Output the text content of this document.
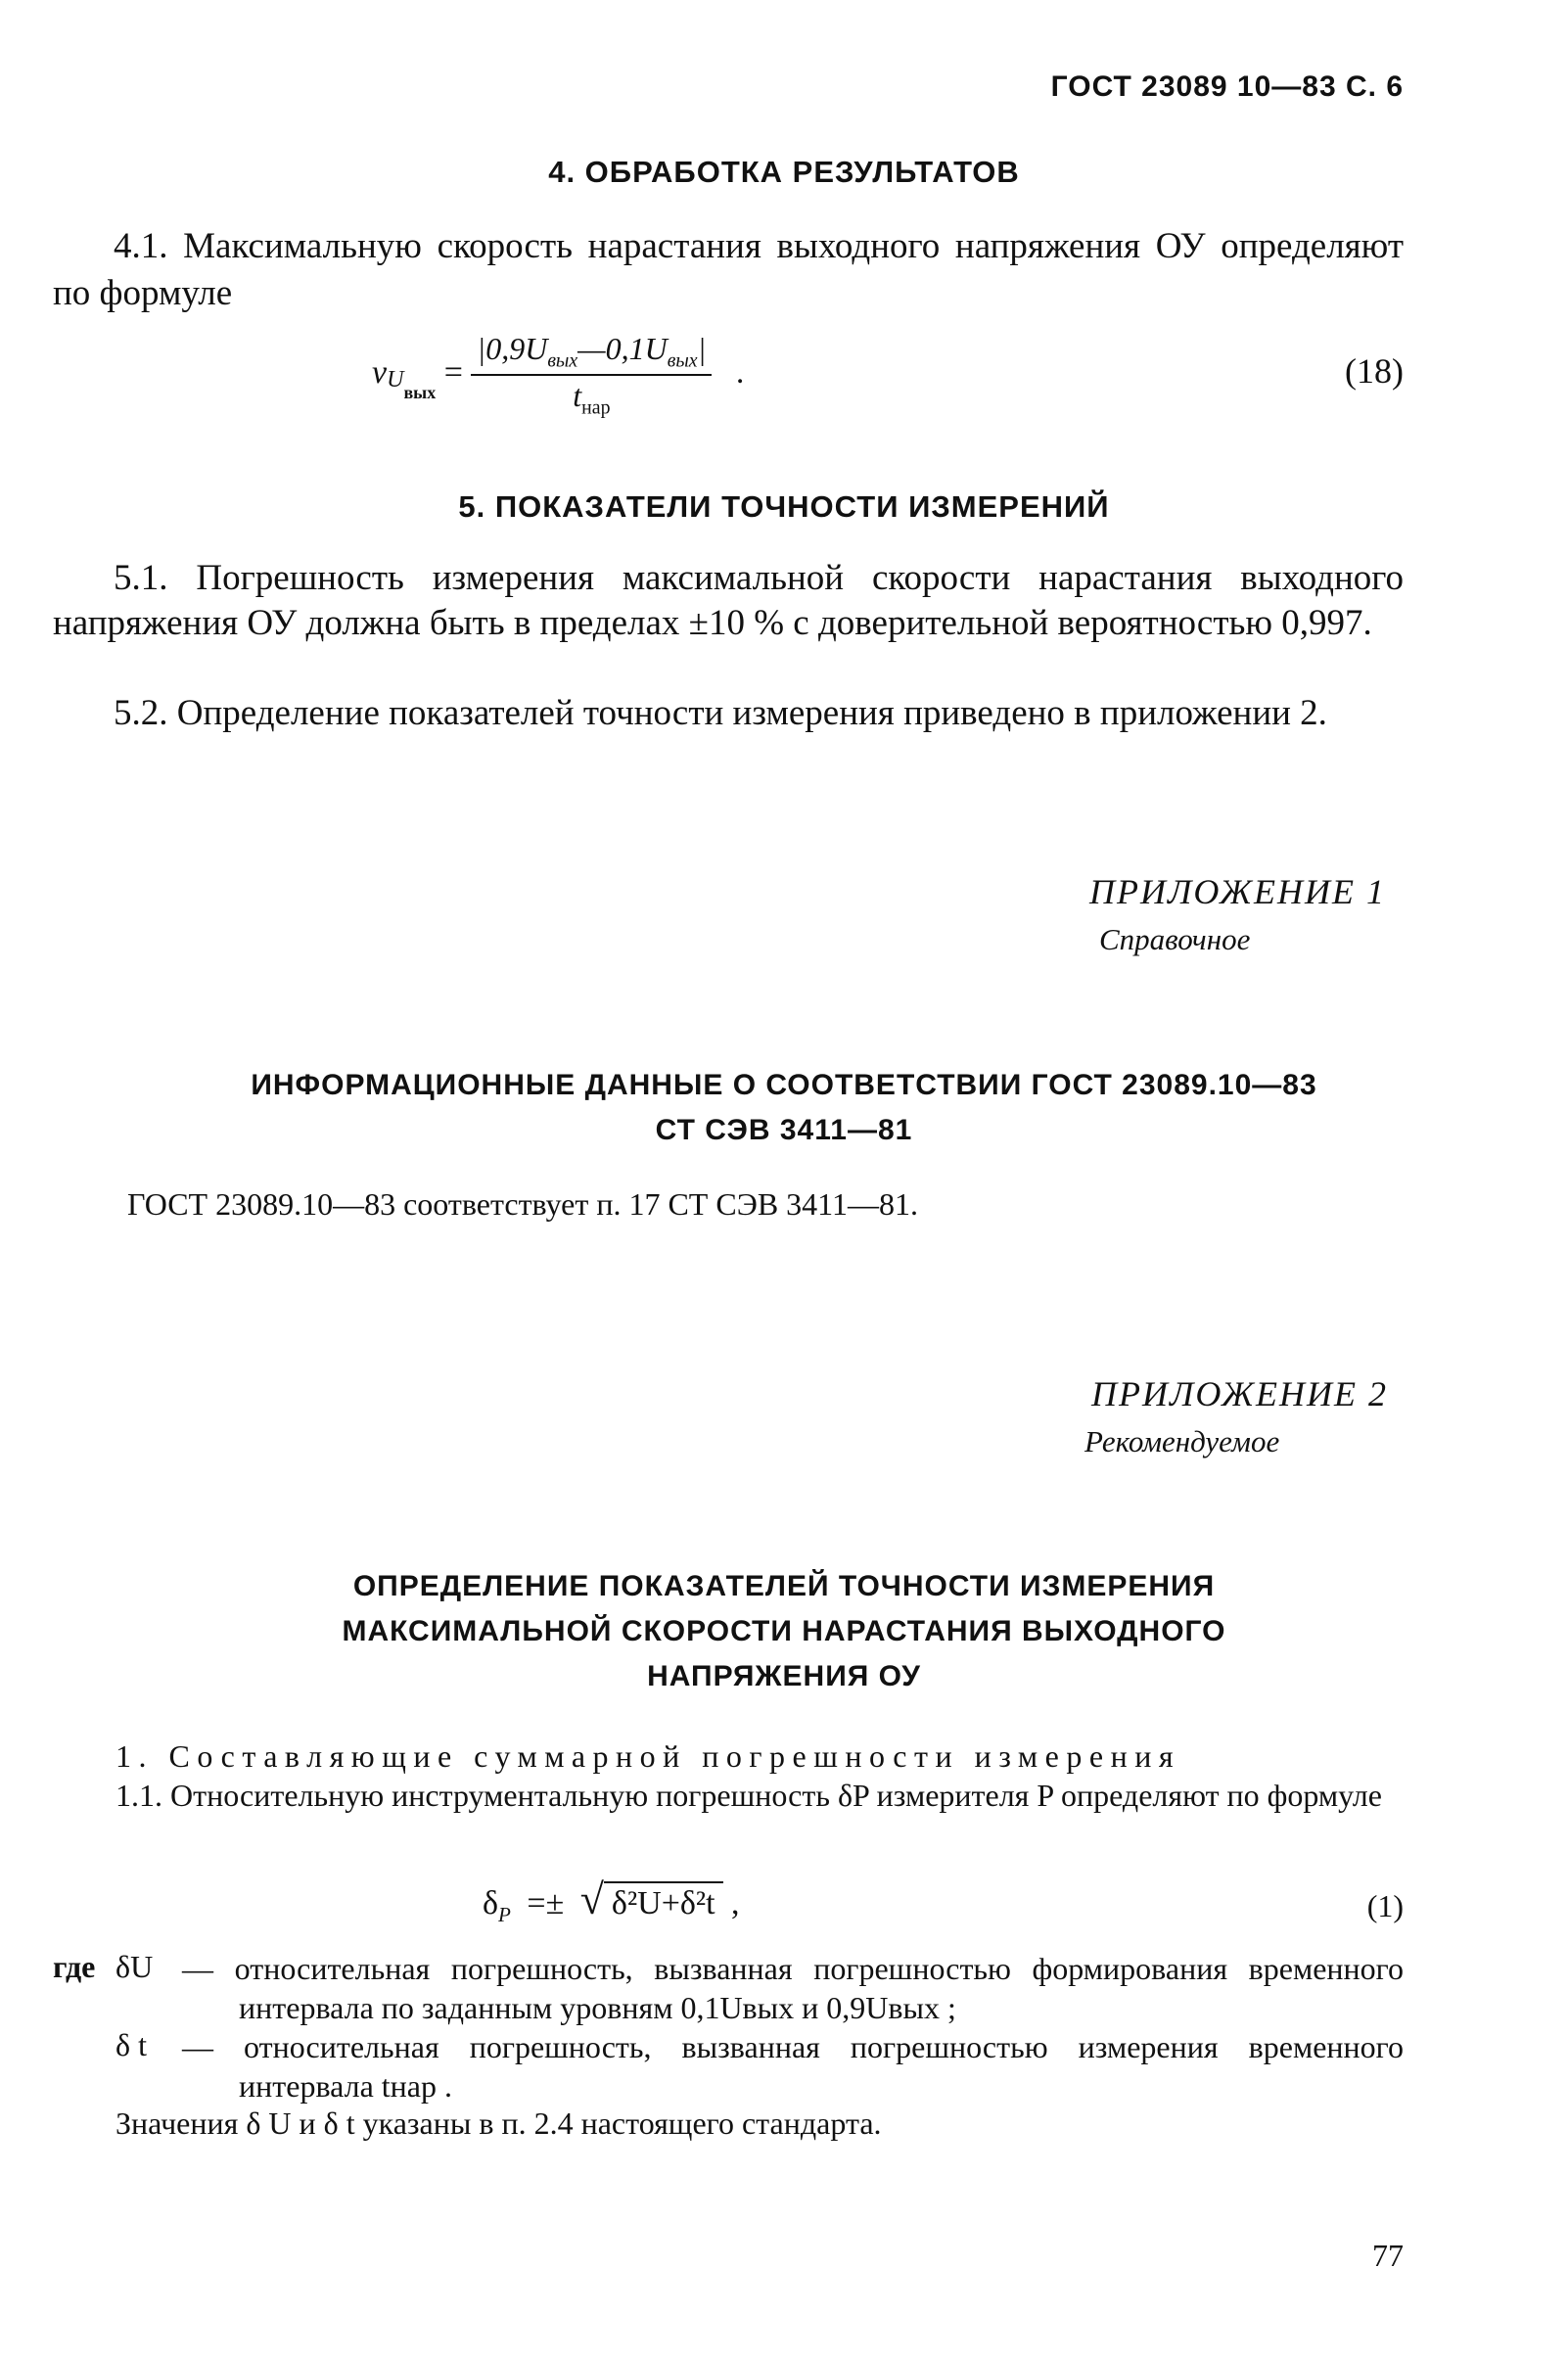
ГОСТ 23089 10—83 С. 6
4. ОБРАБОТКА РЕЗУЛЬТАТОВ

4.1. Максимальную скорость нарастания выходного напряжения ОУ определяют по формуле

$vU_{вых} = \frac{|0,9U_{вых}—0,1U_{вых}|}{t_{нар}}$ .	(18)
5. ПОКАЗАТЕЛИ ТОЧНОСТИ ИЗМЕРЕНИЙ

5.1. Погрешность измерения максимальной скорости нарастания выходного напряжения ОУ должна быть в пределах ±10 % с доверительной вероятностью 0,997.

5.2. Определение показателей точности измерения приведено в приложении 2.

ПРИЛОЖЕНИЕ 1
Справочное
ИНФОРМАЦИОННЫЕ ДАННЫЕ О СООТВЕТСТВИИ ГОСТ 23089.10—83
СТ СЭВ 3411—81
ГОСТ 23089.10—83 соответствует п. 17 СТ СЭВ 3411—81.
ПРИЛОЖЕНИЕ 2
Рекомендуемое
ОПРЕДЕЛЕНИЕ ПОКАЗАТЕЛЕЙ ТОЧНОСТИ ИЗМЕРЕНИЯ
МАКСИМАЛЬНОЙ СКОРОСТИ НАРАСТАНИЯ ВЫХОДНОГО
НАПРЯЖЕНИЯ ОУ
1. Составляющие суммарной погрешности измерения

1.1. Относительную инструментальную погрешность δP измерителя P определяют по формуле

$\delta_P$ =± √ δ²U+δ²t ,	(1)
где δU — относительная погрешность, вызванная погрешностью формирования временного интервала по заданным уровням 0,1Uвых и 0,9Uвых ;

δ t — относительная погрешность, вызванная погрешностью измерения временного интервала tнар .

Значения δ U и δ t указаны в п. 2.4 настоящего стандарта.
77
